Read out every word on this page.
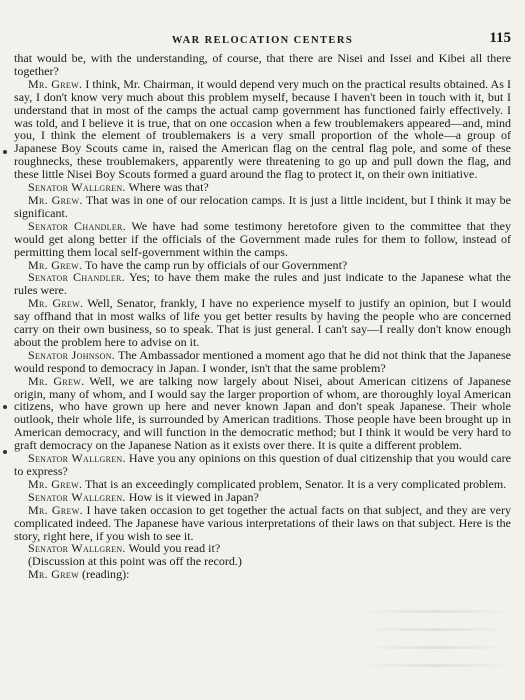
WAR RELOCATION CENTERS	115

that would be, with the understanding, of course, that there are Nisei and Issei and Kibei all there together?

Mr. Grew. I think, Mr. Chairman, it would depend very much on the practical results obtained. As I say, I don't know very much about this problem myself, because I haven't been in touch with it, but I understand that in most of the camps the actual camp government has functioned fairly effectively. I was told, and I believe it is true, that on one occasion when a few troublemakers appeared—and, mind you, I think the element of troublemakers is a very small proportion of the whole—a group of Japanese Boy Scouts came in, raised the American flag on the central flag pole, and some of these roughnecks, these troublemakers, apparently were threatening to go up and pull down the flag, and these little Nisei Boy Scouts formed a guard around the flag to protect it, on their own initiative.

Senator Wallgren. Where was that?

Mr. Grew. That was in one of our relocation camps. It is just a little incident, but I think it may be significant.

Senator Chandler. We have had some testimony heretofore given to the committee that they would get along better if the officials of the Government made rules for them to follow, instead of permitting them local self-government within the camps.

Mr. Grew. To have the camp run by officials of our Government?

Senator Chandler. Yes; to have them make the rules and just indicate to the Japanese what the rules were.

Mr. Grew. Well, Senator, frankly, I have no experience myself to justify an opinion, but I would say offhand that in most walks of life you get better results by having the people who are concerned carry on their own business, so to speak. That is just general. I can't say—I really don't know enough about the problem here to advise on it.

Senator Johnson. The Ambassador mentioned a moment ago that he did not think that the Japanese would respond to democracy in Japan. I wonder, isn't that the same problem?

Mr. Grew. Well, we are talking now largely about Nisei, about American citizens of Japanese origin, many of whom, and I would say the larger proportion of whom, are thoroughly loyal American citizens, who have grown up here and never known Japan and don't speak Japanese. Their whole outlook, their whole life, is surrounded by American traditions. Those people have been brought up in American democracy, and will function in the democratic method; but I think it would be very hard to graft democracy on the Japanese Nation as it exists over there. It is quite a different problem.

Senator Wallgren. Have you any opinions on this question of dual citizenship that you would care to express?

Mr. Grew. That is an exceedingly complicated problem, Senator. It is a very complicated problem.

Senator Wallgren. How is it viewed in Japan?

Mr. Grew. I have taken occasion to get together the actual facts on that subject, and they are very complicated indeed. The Japanese have various interpretations of their laws on that subject. Here is the story, right here, if you wish to see it.

Senator Wallgren. Would you read it?

(Discussion at this point was off the record.)

Mr. Grew (reading):
